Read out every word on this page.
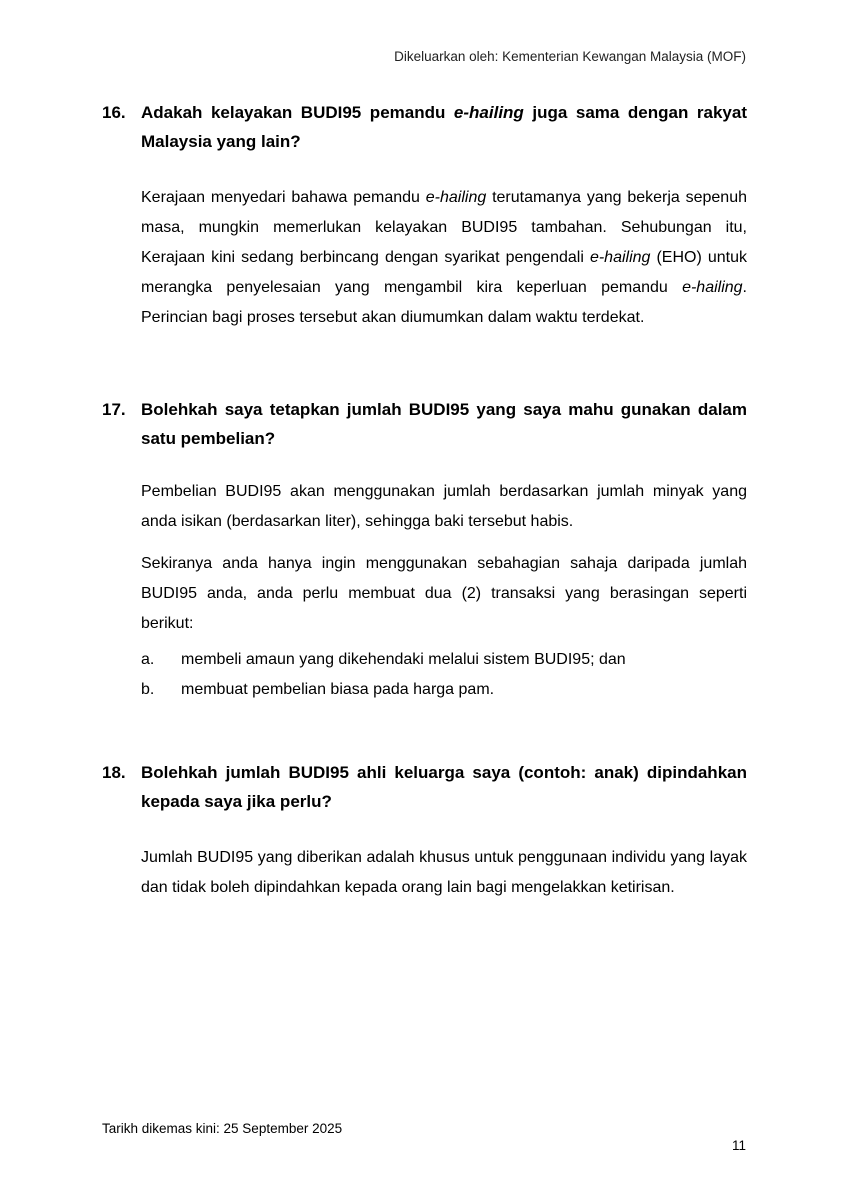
Dikeluarkan oleh: Kementerian Kewangan Malaysia (MOF)
16. Adakah kelayakan BUDI95 pemandu e-hailing juga sama dengan rakyat Malaysia yang lain?

Kerajaan menyedari bahawa pemandu e-hailing terutamanya yang bekerja sepenuh masa, mungkin memerlukan kelayakan BUDI95 tambahan. Sehubungan itu, Kerajaan kini sedang berbincang dengan syarikat pengendali e-hailing (EHO) untuk merangka penyelesaian yang mengambil kira keperluan pemandu e-hailing. Perincian bagi proses tersebut akan diumumkan dalam waktu terdekat.

17. Bolehkah saya tetapkan jumlah BUDI95 yang saya mahu gunakan dalam satu pembelian?

Pembelian BUDI95 akan menggunakan jumlah berdasarkan jumlah minyak yang anda isikan (berdasarkan liter), sehingga baki tersebut habis.

Sekiranya anda hanya ingin menggunakan sebahagian sahaja daripada jumlah BUDI95 anda, anda perlu membuat dua (2) transaksi yang berasingan seperti berikut:

a.	membeli amaun yang dikehendaki melalui sistem BUDI95; dan
b.	membuat pembelian biasa pada harga pam.
18. Bolehkah jumlah BUDI95 ahli keluarga saya (contoh: anak) dipindahkan kepada saya jika perlu?

Jumlah BUDI95 yang diberikan adalah khusus untuk penggunaan individu yang layak dan tidak boleh dipindahkan kepada orang lain bagi mengelakkan ketirisan.

Tarikh dikemas kini: 25 September 2025
11
